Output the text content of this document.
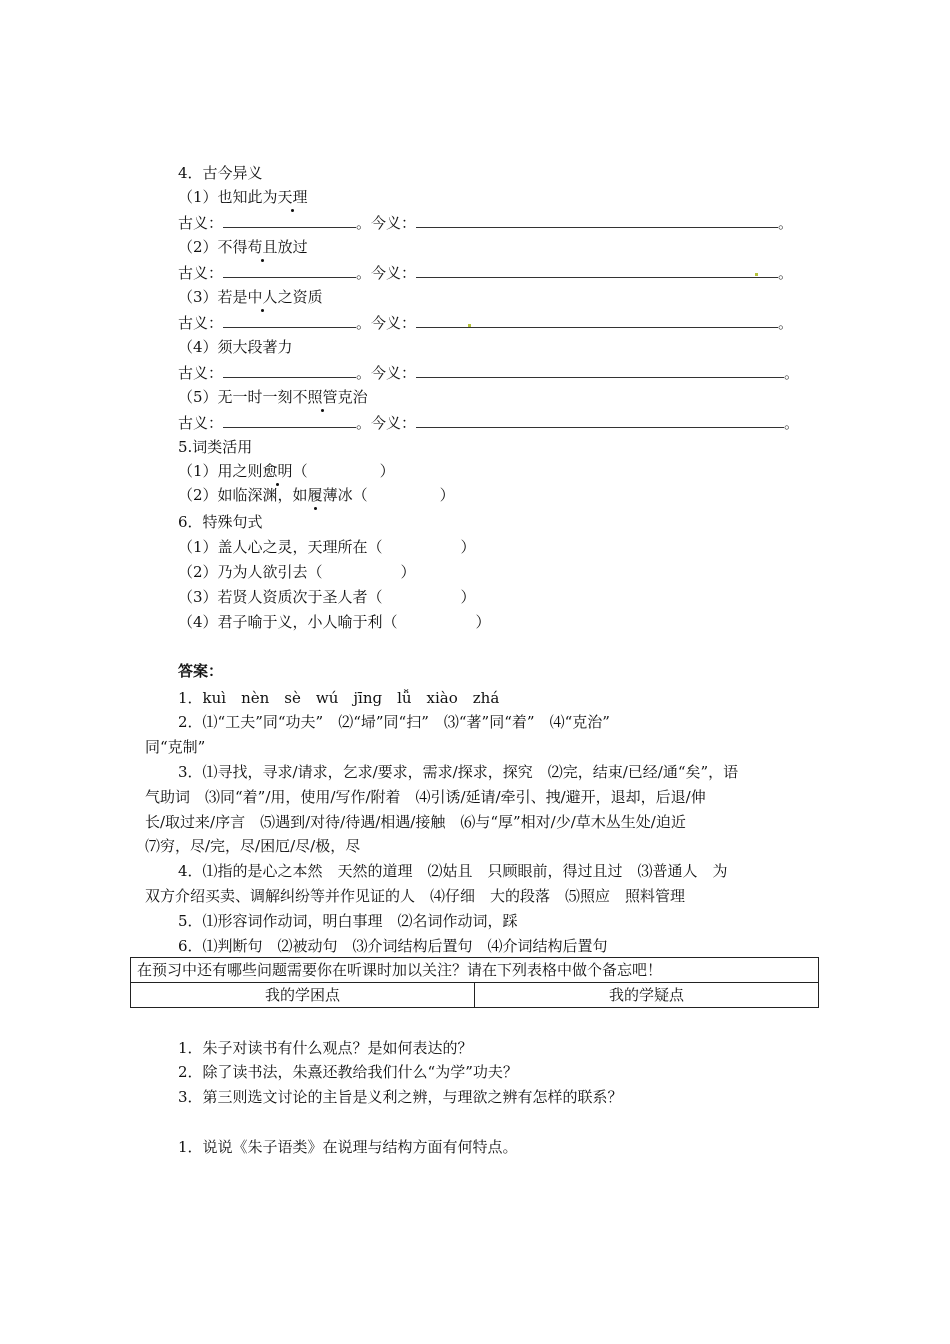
4．古今异义
（1）也知此为天理
古义：	。今义：	。
（2）不得苟且放过
古义：	。今义：	。
（3）若是中人之资质
古义：	。今义：	。
（4）须大段著力
古义：	。今义：	。
（5）无一时一刻不照管克治
古义：	。今义：	。
5.词类活用
（1）用之则愈明（	）
（2）如临深渊，如履薄冰（	）
6．特殊句式
（1）盖人心之灵，天理所在（	）
（2）乃为人欲引去（	）
（3）若贤人资质次于圣人者（	）
（4）君子喻于义，小人喻于利（	）
答案：
1．kuì　nèn　sè　wú　jīnɡ　lǚ　xiào　zhá
2．⑴“工夫”同“功夫”　⑵“埽”同“扫”　⑶“著”同“着”　⑷“克治”
同“克制”
3．⑴寻找，寻求/请求，乞求/要求，需求/探求，探究　⑵完，结束/已经/通“矣”，语
气助词　⑶同“着”/用，使用/写作/附着　⑷引诱/延请/牵引、拽/避开，退却，后退/伸
长/取过来/序言　⑸遇到/对待/待遇/相遇/接触　⑹与“厚”相对/少/草木丛生处/迫近
⑺穷，尽/完，尽/困厄/尽/极，尽
4．⑴指的是心之本然　天然的道理　⑵姑且　只顾眼前，得过且过　⑶普通人　为
双方介绍买卖、调解纠纷等并作见证的人　⑷仔细　大的段落　⑸照应　照料管理
5．⑴形容词作动词，明白事理　⑵名词作动词，踩
6．⑴判断句　⑵被动句　⑶介词结构后置句　⑷介词结构后置句
在预习中还有哪些问题需要你在听课时加以关注？请在下列表格中做个备忘吧！
我的学困点	我的学疑点
1．朱子对读书有什么观点？是如何表达的？
2．除了读书法，朱熹还教给我们什么“为学”功夫？
3．第三则选文讨论的主旨是义利之辨，与理欲之辨有怎样的联系？
1．说说《朱子语类》在说理与结构方面有何特点。
